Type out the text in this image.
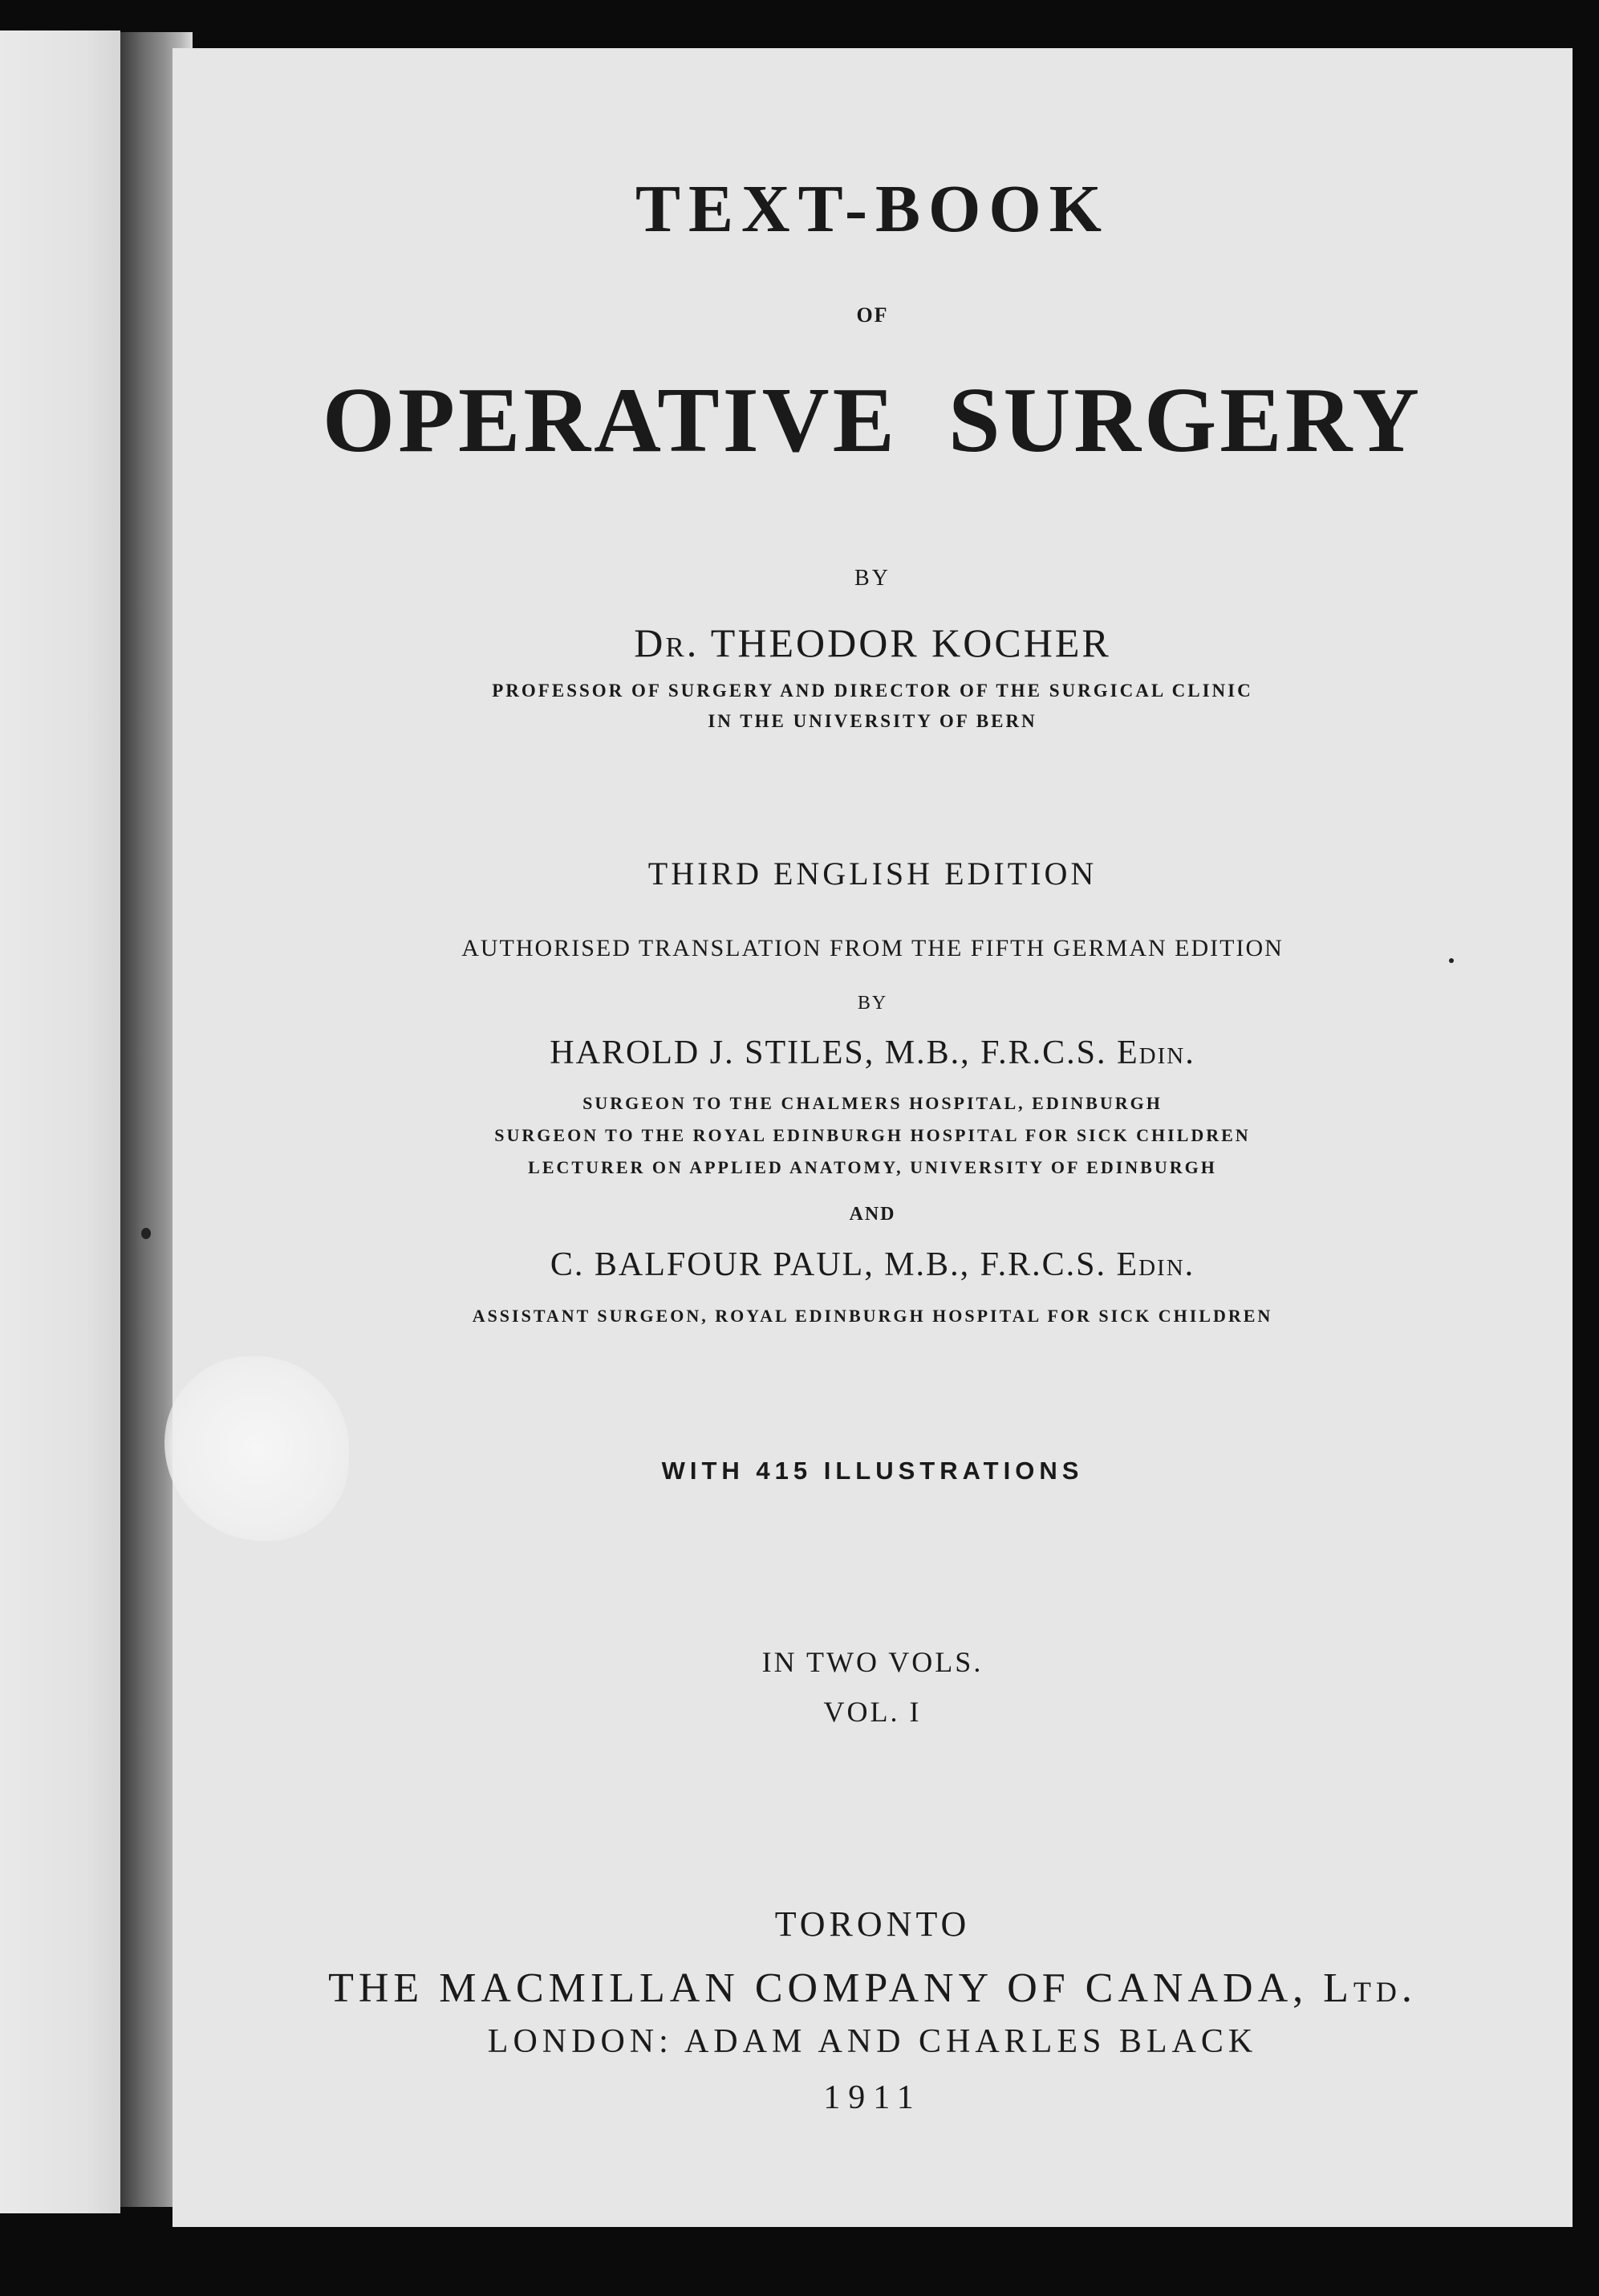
TEXT-BOOK
OF
OPERATIVE SURGERY
BY
Dr. THEODOR KOCHER
PROFESSOR OF SURGERY AND DIRECTOR OF THE SURGICAL CLINIC
IN THE UNIVERSITY OF BERN
THIRD ENGLISH EDITION
AUTHORISED TRANSLATION FROM THE FIFTH GERMAN EDITION
BY
HAROLD J. STILES, M.B., F.R.C.S. Edin.
SURGEON TO THE CHALMERS HOSPITAL, EDINBURGH
SURGEON TO THE ROYAL EDINBURGH HOSPITAL FOR SICK CHILDREN
LECTURER ON APPLIED ANATOMY, UNIVERSITY OF EDINBURGH
AND
C. BALFOUR PAUL, M.B., F.R.C.S. Edin.
ASSISTANT SURGEON, ROYAL EDINBURGH HOSPITAL FOR SICK CHILDREN
WITH 415 ILLUSTRATIONS
IN TWO VOLS.
VOL. I
TORONTO
THE MACMILLAN COMPANY OF CANADA, Ltd.
LONDON: ADAM AND CHARLES BLACK
1911
